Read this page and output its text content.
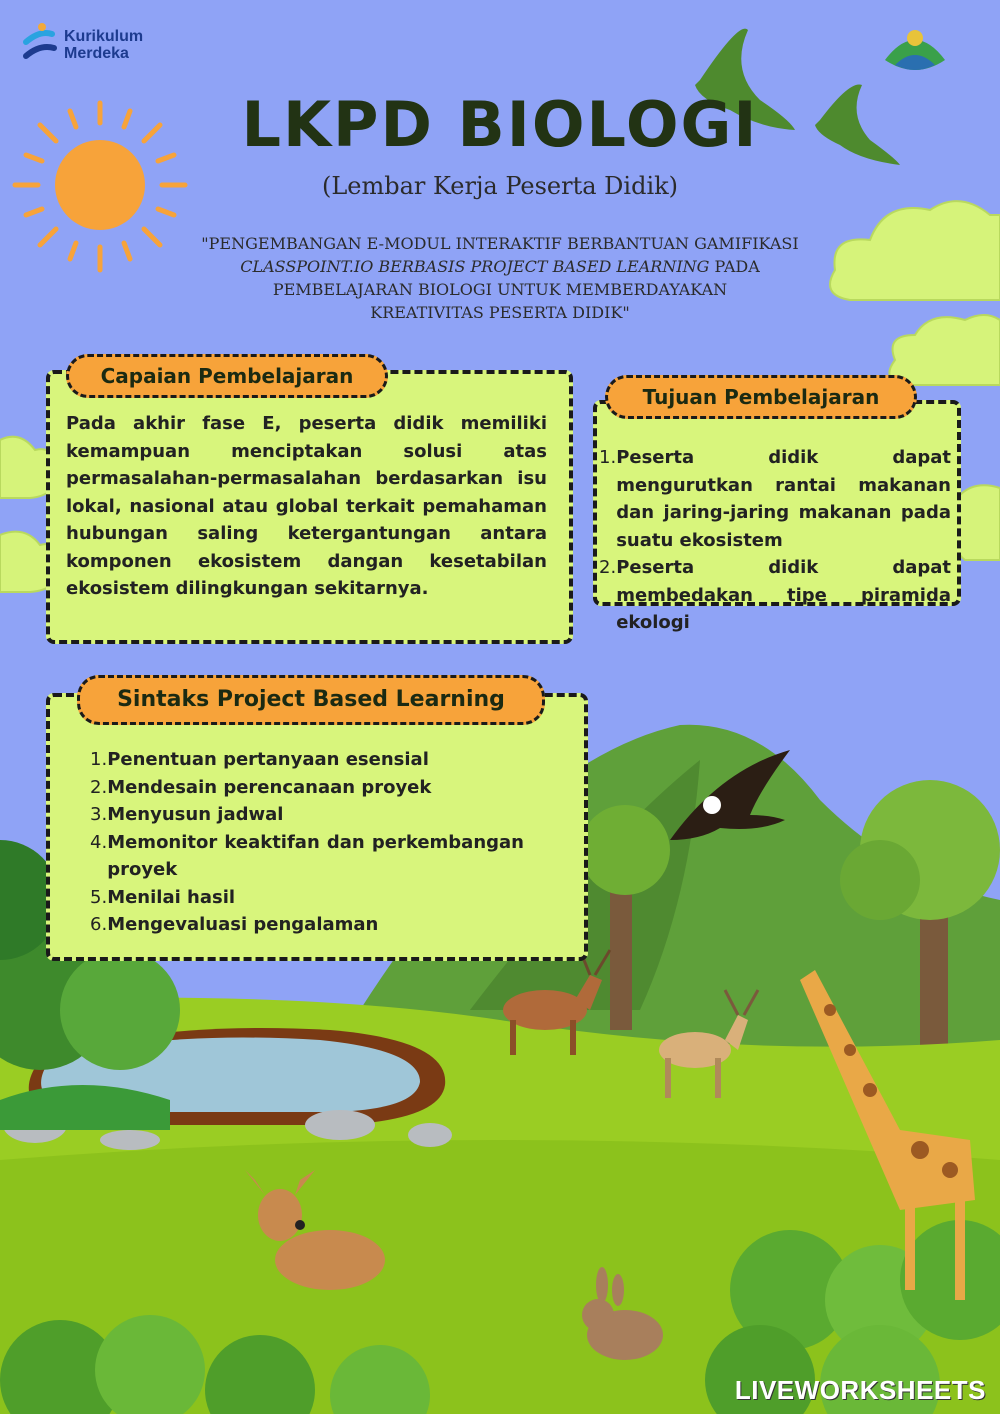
Kurikulum
Merdeka
LKPD BIOLOGI
(Lembar Kerja Peserta Didik)
"PENGEMBANGAN E-MODUL INTERAKTIF BERBANTUAN GAMIFIKASI
CLASSPOINT.IO BERBASIS PROJECT BASED LEARNING PADA
PEMBELAJARAN BIOLOGI UNTUK MEMBERDAYAKAN
KREATIVITAS PESERTA DIDIK"
Capaian Pembelajaran
Pada akhir fase E, peserta didik memiliki kemampuan menciptakan solusi atas permasalahan-permasalahan berdasarkan isu lokal, nasional atau global terkait pemahaman hubungan saling ketergantungan antara komponen ekosistem dangan kesetabilan ekosistem dilingkungan sekitarnya.
Tujuan Pembelajaran
1. Peserta didik dapat mengurutkan rantai makanan dan jaring-jaring makanan pada suatu ekosistem
2. Peserta didik dapat membedakan tipe piramida ekologi
Sintaks Project Based Learning
1. Penentuan pertanyaan esensial
2. Mendesain perencanaan proyek
3. Menyusun jadwal
4. Memonitor keaktifan dan perkembangan proyek
5. Menilai hasil
6. Mengevaluasi pengalaman
LIVEWORKSHEETS
